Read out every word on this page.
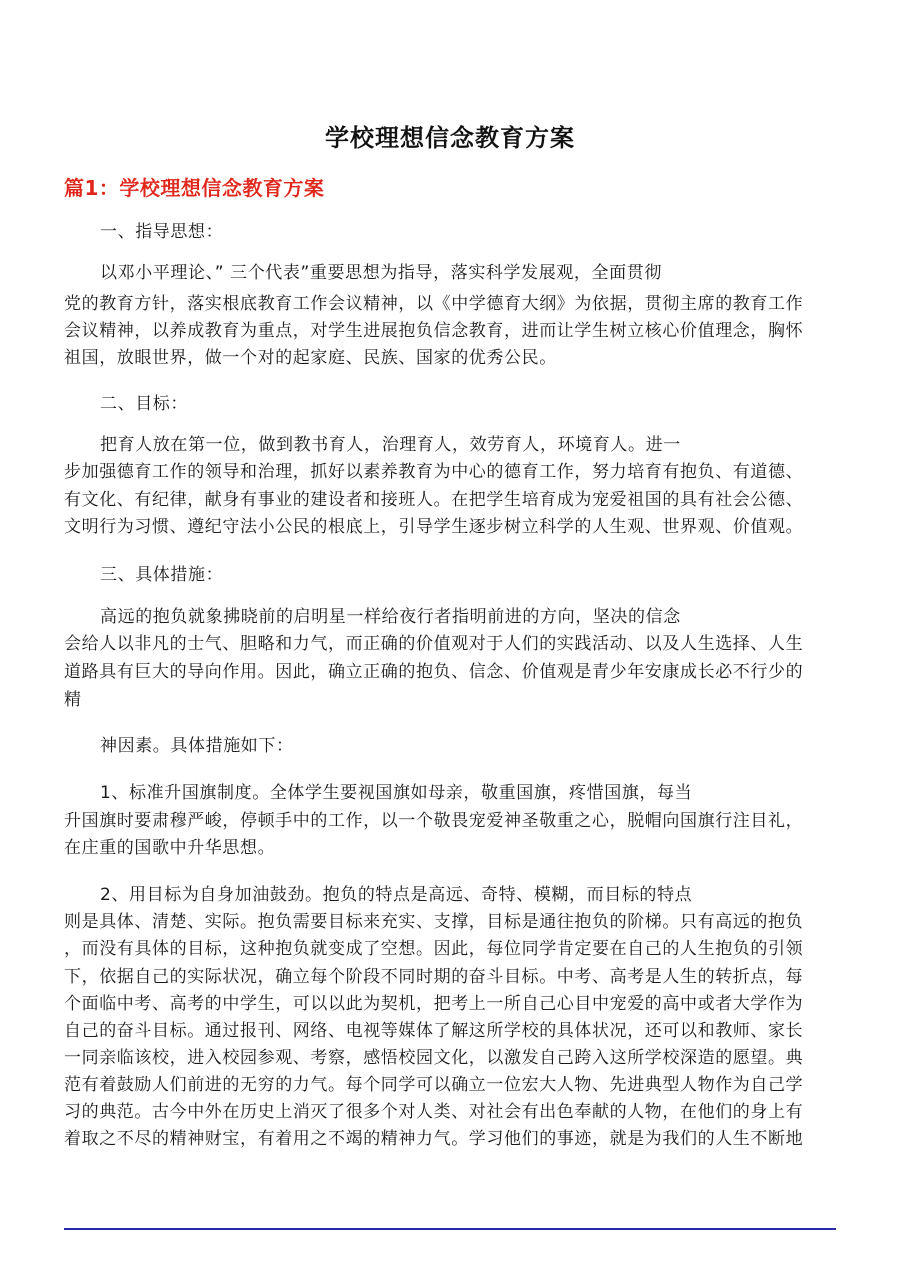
学校理想信念教育方案
篇1：学校理想信念教育方案
一、指导思想：
以邓小平理论、” 三个代表”重要思想为指导，落实科学发展观，全面贯彻
党的教育方针，落实根底教育工作会议精神，以《中学德育大纲》为依据，贯彻主席的教育工作
会议精神，以养成教育为重点，对学生进展抱负信念教育，进而让学生树立核心价值理念，胸怀
祖国，放眼世界，做一个对的起家庭、民族、国家的优秀公民。
二、目标：
把育人放在第一位，做到教书育人，治理育人，效劳育人，环境育人。进一
步加强德育工作的领导和治理，抓好以素养教育为中心的德育工作，努力培育有抱负、有道德、
有文化、有纪律，献身有事业的建设者和接班人。在把学生培育成为宠爱祖国的具有社会公德、
文明行为习惯、遵纪守法小公民的根底上，引导学生逐步树立科学的人生观、世界观、价值观。
三、具体措施：
高远的抱负就象拂晓前的启明星一样给夜行者指明前进的方向，坚决的信念
会给人以非凡的士气、胆略和力气，而正确的价值观对于人们的实践活动、以及人生选择、人生
道路具有巨大的导向作用。因此，确立正确的抱负、信念、价值观是青少年安康成长必不行少的
精
神因素。具体措施如下：
1、标准升国旗制度。全体学生要视国旗如母亲，敬重国旗，疼惜国旗，每当
升国旗时要肃穆严峻，停顿手中的工作，以一个敬畏宠爱神圣敬重之心，脱帽向国旗行注目礼，
在庄重的国歌中升华思想。
2、用目标为自身加油鼓劲。抱负的特点是高远、奇特、模糊，而目标的特点
则是具体、清楚、实际。抱负需要目标来充实、支撑，目标是通往抱负的阶梯。只有高远的抱负
，而没有具体的目标，这种抱负就变成了空想。因此，每位同学肯定要在自己的人生抱负的引领
下，依据自己的实际状况，确立每个阶段不同时期的奋斗目标。中考、高考是人生的转折点，每
个面临中考、高考的中学生，可以以此为契机，把考上一所自己心目中宠爱的高中或者大学作为
自己的奋斗目标。通过报刊、网络、电视等媒体了解这所学校的具体状况，还可以和教师、家长
一同亲临该校，进入校园参观、考察，感悟校园文化，以激发自己跨入这所学校深造的愿望。典
范有着鼓励人们前进的无穷的力气。每个同学可以确立一位宏大人物、先进典型人物作为自己学
习的典范。古今中外在历史上消灭了很多个对人类、对社会有出色奉献的人物，在他们的身上有
着取之不尽的精神财宝，有着用之不竭的精神力气。学习他们的事迹，就是为我们的人生不断地
